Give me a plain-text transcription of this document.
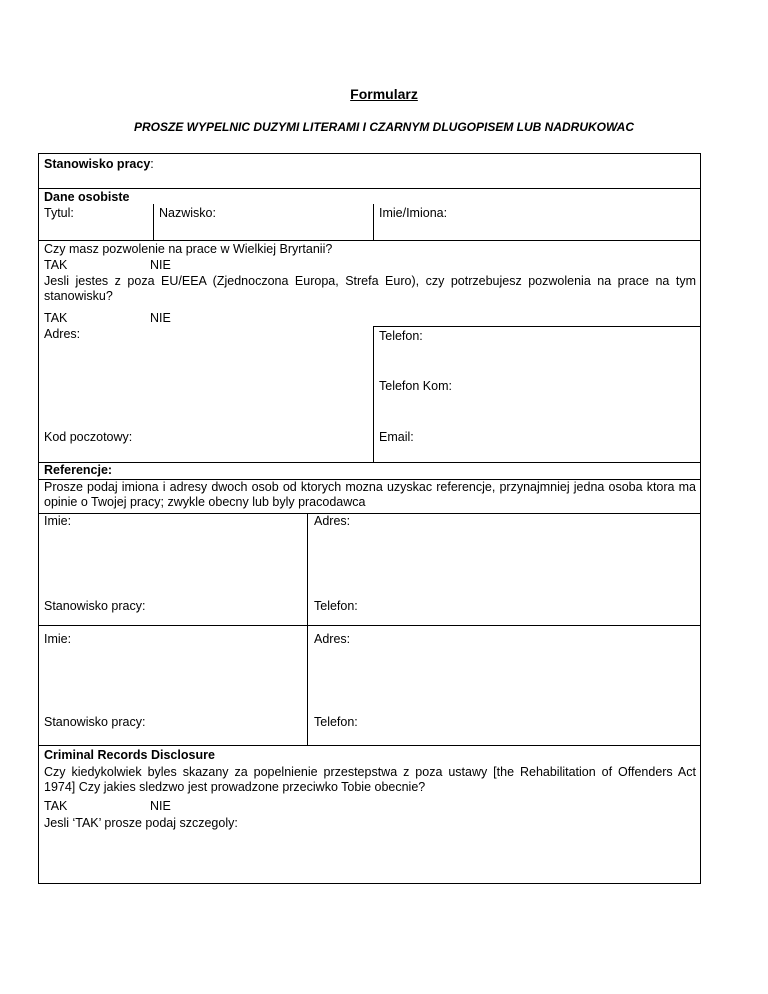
Formularz
PROSZE WYPELNIC DUZYMI LITERAMI I CZARNYM DLUGOPISEM LUB NADRUKOWAC
Stanowisko pracy:
Dane osobiste
Tytul:	Nazwisko:	Imie/Imiona:
Czy masz pozwolenie na prace w Wielkiej Bryrtanii?
TAK	NIE
Jesli jestes z poza EU/EEA (Zjednoczona Europa, Strefa Euro), czy potrzebujesz pozwolenia na prace na tym stanowisku?
TAK	NIE
Adres:	Telefon:
Telefon Kom:
Kod poczotowy:	Email:
Referencje:
Prosze podaj imiona i adresy dwoch osob od ktorych mozna uzyskac referencje, przynajmniej jedna osoba ktora ma opinie o Twojej pracy; zwykle obecny lub byly pracodawca
Imie:	Adres:
Stanowisko pracy:	Telefon:
Imie:	Adres:
Stanowisko pracy:	Telefon:
Criminal Records Disclosure
Czy kiedykolwiek byles skazany za popelnienie przestepstwa z poza ustawy [the Rehabilitation of Offenders Act 1974] Czy jakies sledzwo jest prowadzone przeciwko Tobie obecnie?
TAK	NIE
Jesli ‘TAK’ prosze podaj szczegoly:
